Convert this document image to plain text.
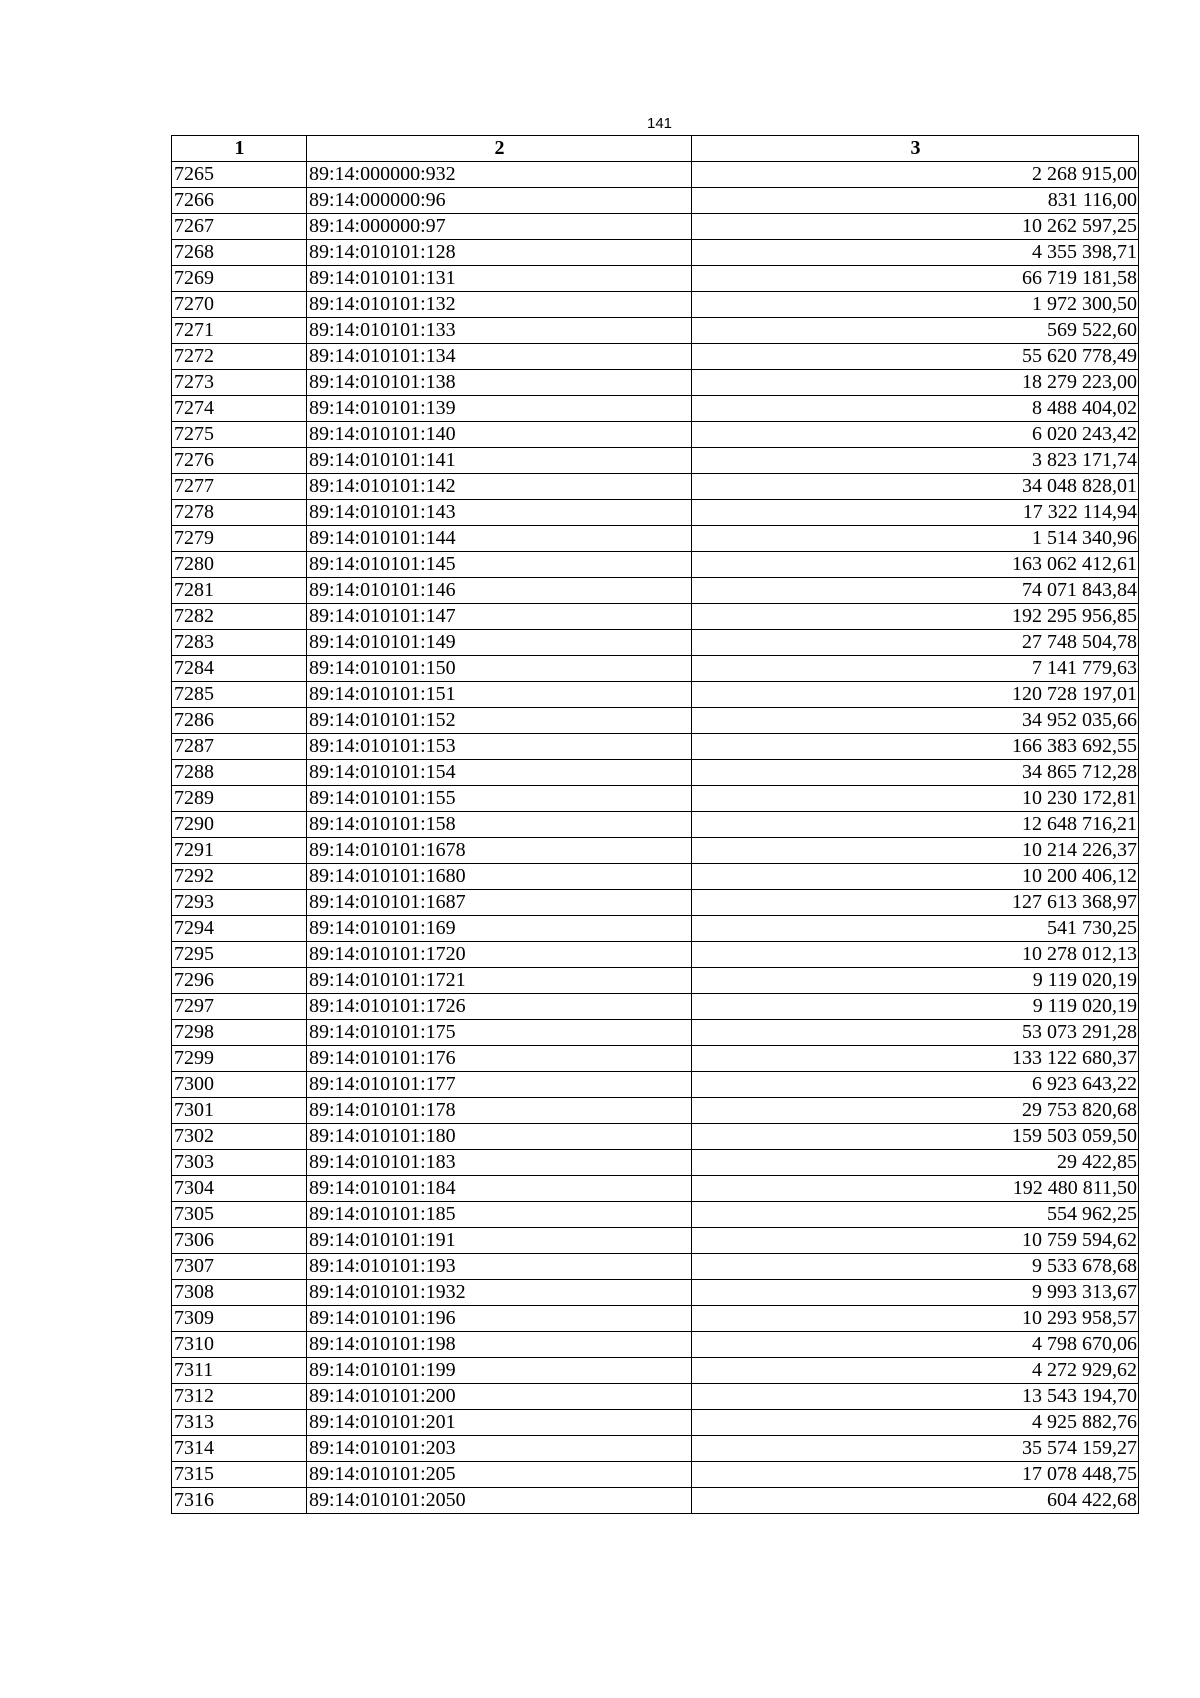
141
1	2	3
7265	89:14:000000:932	2 268 915,00
7266	89:14:000000:96	831 116,00
7267	89:14:000000:97	10 262 597,25
7268	89:14:010101:128	4 355 398,71
7269	89:14:010101:131	66 719 181,58
7270	89:14:010101:132	1 972 300,50
7271	89:14:010101:133	569 522,60
7272	89:14:010101:134	55 620 778,49
7273	89:14:010101:138	18 279 223,00
7274	89:14:010101:139	8 488 404,02
7275	89:14:010101:140	6 020 243,42
7276	89:14:010101:141	3 823 171,74
7277	89:14:010101:142	34 048 828,01
7278	89:14:010101:143	17 322 114,94
7279	89:14:010101:144	1 514 340,96
7280	89:14:010101:145	163 062 412,61
7281	89:14:010101:146	74 071 843,84
7282	89:14:010101:147	192 295 956,85
7283	89:14:010101:149	27 748 504,78
7284	89:14:010101:150	7 141 779,63
7285	89:14:010101:151	120 728 197,01
7286	89:14:010101:152	34 952 035,66
7287	89:14:010101:153	166 383 692,55
7288	89:14:010101:154	34 865 712,28
7289	89:14:010101:155	10 230 172,81
7290	89:14:010101:158	12 648 716,21
7291	89:14:010101:1678	10 214 226,37
7292	89:14:010101:1680	10 200 406,12
7293	89:14:010101:1687	127 613 368,97
7294	89:14:010101:169	541 730,25
7295	89:14:010101:1720	10 278 012,13
7296	89:14:010101:1721	9 119 020,19
7297	89:14:010101:1726	9 119 020,19
7298	89:14:010101:175	53 073 291,28
7299	89:14:010101:176	133 122 680,37
7300	89:14:010101:177	6 923 643,22
7301	89:14:010101:178	29 753 820,68
7302	89:14:010101:180	159 503 059,50
7303	89:14:010101:183	29 422,85
7304	89:14:010101:184	192 480 811,50
7305	89:14:010101:185	554 962,25
7306	89:14:010101:191	10 759 594,62
7307	89:14:010101:193	9 533 678,68
7308	89:14:010101:1932	9 993 313,67
7309	89:14:010101:196	10 293 958,57
7310	89:14:010101:198	4 798 670,06
7311	89:14:010101:199	4 272 929,62
7312	89:14:010101:200	13 543 194,70
7313	89:14:010101:201	4 925 882,76
7314	89:14:010101:203	35 574 159,27
7315	89:14:010101:205	17 078 448,75
7316	89:14:010101:2050	604 422,68
